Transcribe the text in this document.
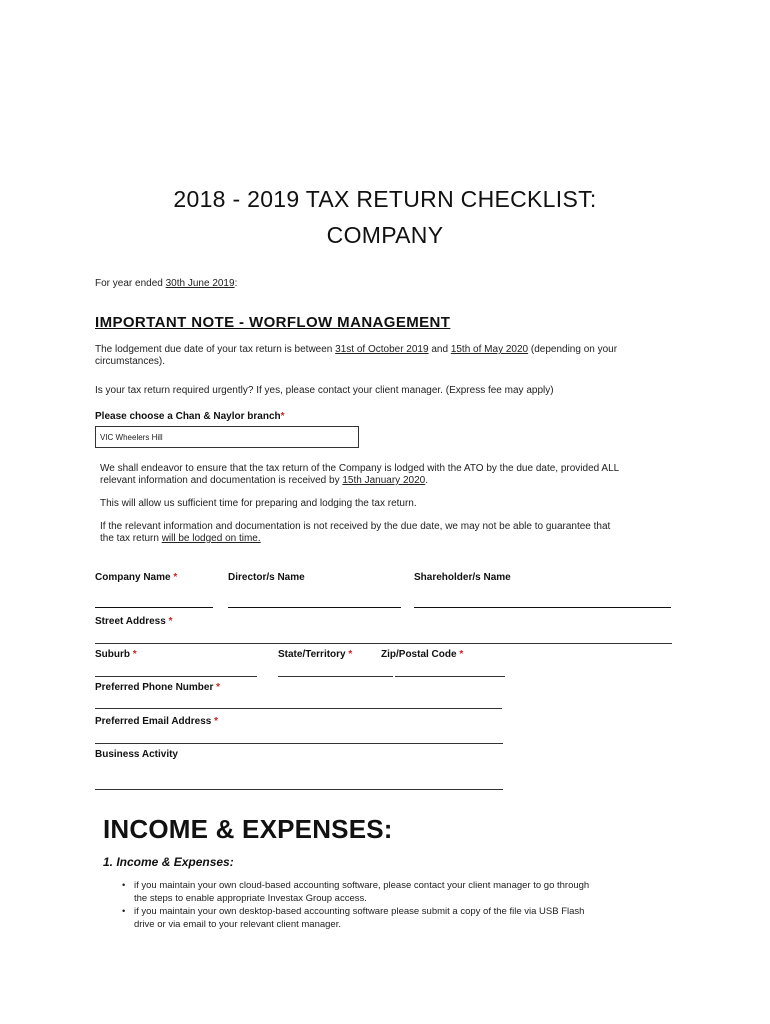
2018 - 2019 TAX RETURN CHECKLIST:
COMPANY
For year ended 30th June 2019:
IMPORTANT NOTE - WORFLOW MANAGEMENT
The lodgement due date of your tax return is between 31st of October 2019 and 15th of May 2020 (depending on your
circumstances).
Is your tax return required urgently? If yes, please contact your client manager. (Express fee may apply)
Please choose a Chan & Naylor branch*
VIC Wheelers Hill
We shall endeavor to ensure that the tax return of the Company is lodged with the ATO by the due date, provided ALL
relevant information and documentation is received by 15th January 2020.
This will allow us sufficient time for preparing and lodging the tax return.
If the relevant information and documentation is not received by the due date, we may not be able to guarantee that
the tax return will be lodged on time.
Company Name *	Director/s Name	Shareholder/s Name
Street Address *
Suburb *	State/Territory *	Zip/Postal Code *
Preferred Phone Number *
Preferred Email Address *
Business Activity
INCOME & EXPENSES:
1. Income & Expenses:
• if you maintain your own cloud-based accounting software, please contact your client manager to go through
the steps to enable appropriate Investax Group access.
• if you maintain your own desktop-based accounting software please submit a copy of the file via USB Flash
drive or via email to your relevant client manager.
